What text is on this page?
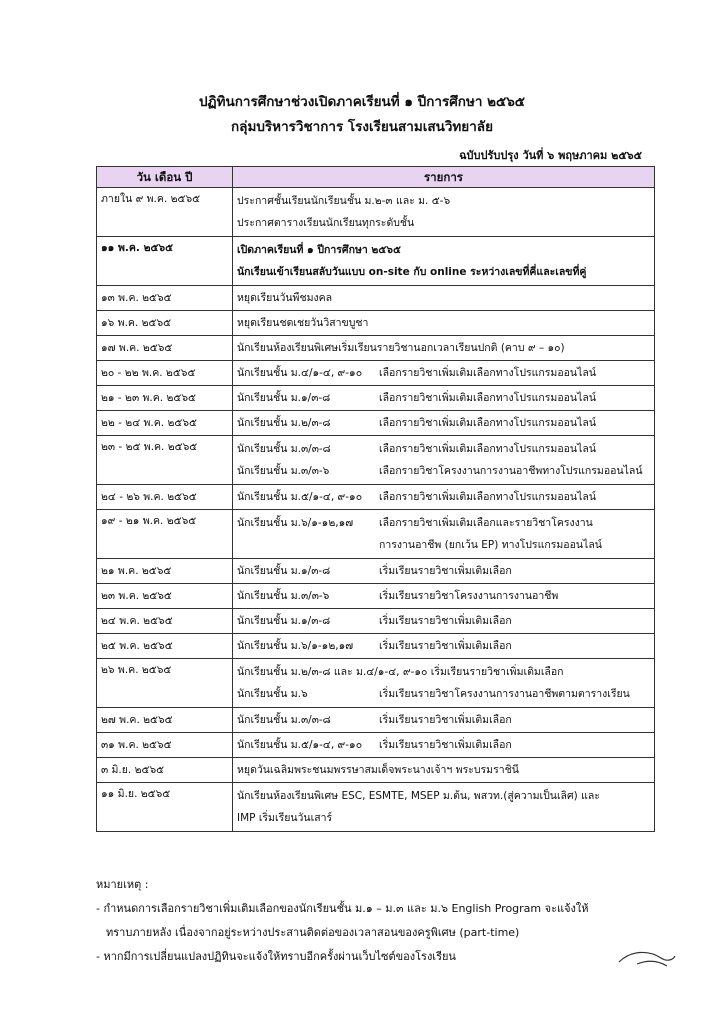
ปฏิทินการศึกษาช่วงเปิดภาคเรียนที่ ๑ ปีการศึกษา ๒๕๖๕
กลุ่มบริหารวิชาการ โรงเรียนสามเสนวิทยาลัย
ฉบับปรับปรุง วันที่ ๖ พฤษภาคม ๒๕๖๕
วัน เดือน ปี	รายการ
ภายใน ๙ พ.ค. ๒๕๖๕	ประกาศชั้นเรียนนักเรียนชั้น ม.๒-๓ และ ม. ๕-๖
ประกาศตารางเรียนนักเรียนทุกระดับชั้น

๑๑ พ.ค. ๒๕๖๕	เปิดภาคเรียนที่ ๑ ปีการศึกษา ๒๕๖๕
นักเรียนเข้าเรียนสลับวันแบบ on-site กับ online ระหว่างเลขที่คี่และเลขที่คู่

๑๓ พ.ค. ๒๕๖๕	หยุดเรียนวันพืชมงคล

๑๖ พ.ค. ๒๕๖๕	หยุดเรียนชดเชยวันวิสาขบูชา

๑๗ พ.ค. ๒๕๖๕	นักเรียนห้องเรียนพิเศษเริ่มเรียนรายวิชานอกเวลาเรียนปกติ (คาบ ๙ – ๑๐)

๒๐ - ๒๒ พ.ค. ๒๕๖๕	นักเรียนชั้น ม.๔/๑-๔, ๙-๑๐ เลือกรายวิชาเพิ่มเติมเลือกทางโปรแกรมออนไลน์

๒๑ - ๒๓ พ.ค. ๒๕๖๕	นักเรียนชั้น ม.๑/๓-๘ เลือกรายวิชาเพิ่มเติมเลือกทางโปรแกรมออนไลน์

๒๒ - ๒๔ พ.ค. ๒๕๖๕	นักเรียนชั้น ม.๒/๓-๘ เลือกรายวิชาเพิ่มเติมเลือกทางโปรแกรมออนไลน์

๒๓ - ๒๕ พ.ค. ๒๕๖๕	นักเรียนชั้น ม.๓/๓-๘ เลือกรายวิชาเพิ่มเติมเลือกทางโปรแกรมออนไลน์
นักเรียนชั้น ม.๓/๓-๖ เลือกรายวิชาโครงงานการงานอาชีพทางโปรแกรมออนไลน์

๒๔ - ๒๖ พ.ค. ๒๕๖๕	นักเรียนชั้น ม.๕/๑-๔, ๙-๑๐ เลือกรายวิชาเพิ่มเติมเลือกทางโปรแกรมออนไลน์

๑๙ - ๒๑ พ.ค. ๒๕๖๕	นักเรียนชั้น ม.๖/๑-๑๒,๑๗ เลือกรายวิชาเพิ่มเติมเลือกและรายวิชาโครงงาน
การงานอาชีพ (ยกเว้น EP) ทางโปรแกรมออนไลน์

๒๑ พ.ค. ๒๕๖๕	นักเรียนชั้น ม.๑/๓-๘ เริ่มเรียนรายวิชาเพิ่มเติมเลือก

๒๓ พ.ค. ๒๕๖๕	นักเรียนชั้น ม.๓/๓-๖ เริ่มเรียนรายวิชาโครงงานการงานอาชีพ

๒๔ พ.ค. ๒๕๖๕	นักเรียนชั้น ม.๑/๓-๘ เริ่มเรียนรายวิชาเพิ่มเติมเลือก

๒๕ พ.ค. ๒๕๖๕	นักเรียนชั้น ม.๖/๑-๑๒,๑๗ เริ่มเรียนรายวิชาเพิ่มเติมเลือก

๒๖ พ.ค. ๒๕๖๕	นักเรียนชั้น ม.๒/๓-๘ และ ม.๔/๑-๔, ๙-๑๐ เริ่มเรียนรายวิชาเพิ่มเติมเลือก
นักเรียนชั้น ม.๖ เริ่มเรียนรายวิชาโครงงานการงานอาชีพตามตารางเรียน

๒๗ พ.ค. ๒๕๖๕	นักเรียนชั้น ม.๓/๓-๘ เริ่มเรียนรายวิชาเพิ่มเติมเลือก

๓๑ พ.ค. ๒๕๖๕	นักเรียนชั้น ม.๕/๑-๔, ๙-๑๐ เริ่มเรียนรายวิชาเพิ่มเติมเลือก

๓ มิ.ย. ๒๕๖๕	หยุดวันเฉลิมพระชนมพรรษาสมเด็จพระนางเจ้าฯ พระบรมราชินี

๑๑ มิ.ย. ๒๕๖๕	นักเรียนห้องเรียนพิเศษ ESC, ESMTE, MSEP ม.ต้น, พสวท.(สู่ความเป็นเลิศ) และ
IMP เริ่มเรียนวันเสาร์
หมายเหตุ :
- กำหนดการเลือกรายวิชาเพิ่มเติมเลือกของนักเรียนชั้น ม.๑ – ม.๓ และ ม.๖ English Program จะแจ้งให้
ทราบภายหลัง เนื่องจากอยู่ระหว่างประสานติดต่อของเวลาสอนของครูพิเศษ (part-time)
- หากมีการเปลี่ยนแปลงปฏิทินจะแจ้งให้ทราบอีกครั้งผ่านเว็บไซต์ของโรงเรียน
